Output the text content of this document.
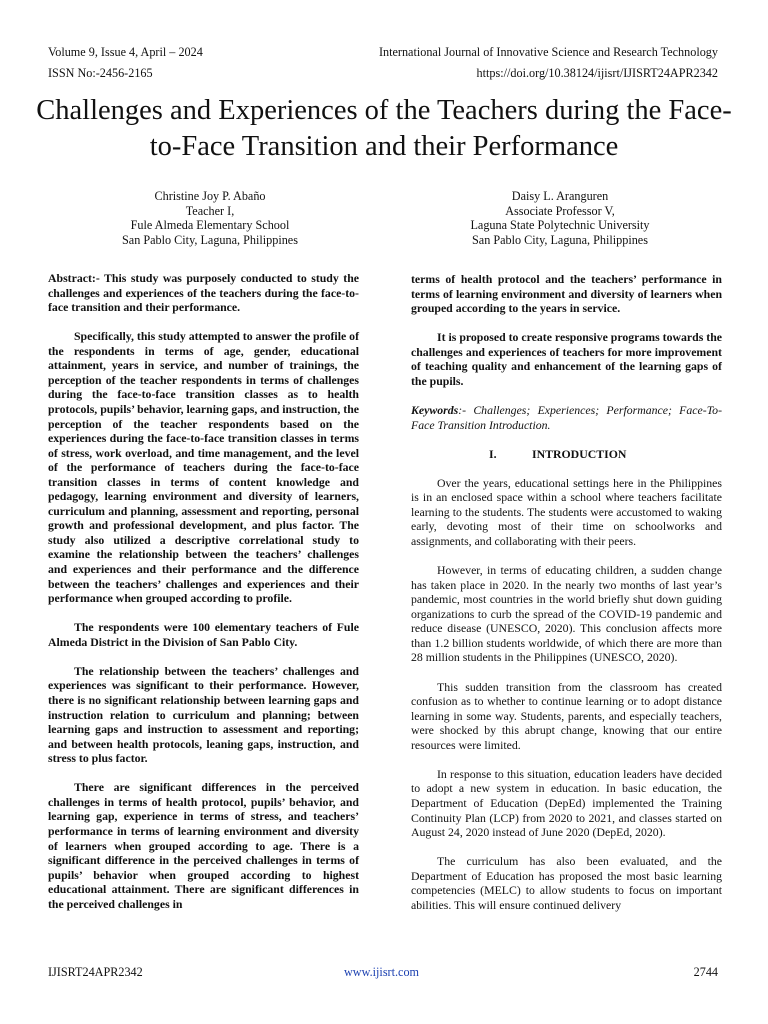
Volume 9, Issue 4, April – 2024	International Journal of Innovative Science and Research Technology
ISSN No:-2456-2165	https://doi.org/10.38124/ijisrt/IJISRT24APR2342
Challenges and Experiences of the Teachers during the Face-to-Face Transition and their Performance
Christine Joy P. Abaño
Teacher I,
Fule Almeda Elementary School
San Pablo City, Laguna, Philippines
Daisy L. Aranguren
Associate Professor V,
Laguna State Polytechnic University
San Pablo City, Laguna, Philippines

Abstract:- This study was purposely conducted to study the challenges and experiences of the teachers during the face-to-face transition and their performance.

Specifically, this study attempted to answer the profile of the respondents in terms of age, gender, educational attainment, years in service, and number of trainings, the perception of the teacher respondents in terms of challenges during the face-to-face transition classes as to health protocols, pupils’ behavior, learning gaps, and instruction, the perception of the teacher respondents based on the experiences during the face-to-face transition classes in terms of stress, work overload, and time management, and the level of the performance of teachers during the face-to-face transition classes in terms of content knowledge and pedagogy, learning environment and diversity of learners, curriculum and planning, assessment and reporting, personal growth and professional development, and plus factor. The study also utilized a descriptive correlational study to examine the relationship between the teachers’ challenges and experiences and their performance and the difference between the teachers’ challenges and experiences and their performance when grouped according to profile.

The respondents were 100 elementary teachers of Fule Almeda District in the Division of San Pablo City.

The relationship between the teachers’ challenges and experiences was significant to their performance. However, there is no significant relationship between learning gaps and instruction relation to curriculum and planning; between learning gaps and instruction to assessment and reporting; and between health protocols, leaning gaps, instruction, and stress to plus factor.

There are significant differences in the perceived challenges in terms of health protocol, pupils’ behavior, and learning gap, experience in terms of stress, and teachers’ performance in terms of learning environment and diversity of learners when grouped according to age. There is a significant difference in the perceived challenges in terms of pupils’ behavior when grouped according to highest educational attainment. There are significant differences in the perceived challenges in

terms of health protocol and the teachers’ performance in terms of learning environment and diversity of learners when grouped according to the years in service.

It is proposed to create responsive programs towards the challenges and experiences of teachers for more improvement of teaching quality and enhancement of the learning gaps of the pupils.

Keywords:- Challenges; Experiences; Performance; Face-To-Face Transition Introduction.

I.	INTRODUCTION

Over the years, educational settings here in the Philippines is in an enclosed space within a school where teachers facilitate learning to the students. The students were accustomed to waking early, devoting most of their time on schoolworks and assignments, and collaborating with their peers.

However, in terms of educating children, a sudden change has taken place in 2020. In the nearly two months of last year’s pandemic, most countries in the world briefly shut down guiding organizations to curb the spread of the COVID-19 pandemic and reduce disease (UNESCO, 2020). This conclusion affects more than 1.2 billion students worldwide, of which there are more than 28 million students in the Philippines (UNESCO, 2020).

This sudden transition from the classroom has created confusion as to whether to continue learning or to adopt distance learning in some way. Students, parents, and especially teachers, were shocked by this abrupt change, knowing that our entire resources were limited.

In response to this situation, education leaders have decided to adopt a new system in education. In basic education, the Department of Education (DepEd) implemented the Training Continuity Plan (LCP) from 2020 to 2021, and classes started on August 24, 2020 instead of June 2020 (DepEd, 2020).

The curriculum has also been evaluated, and the Department of Education has proposed the most basic learning competencies (MELC) to allow students to focus on important abilities. This will ensure continued delivery

IJISRT24APR2342	www.ijisrt.com	2744
